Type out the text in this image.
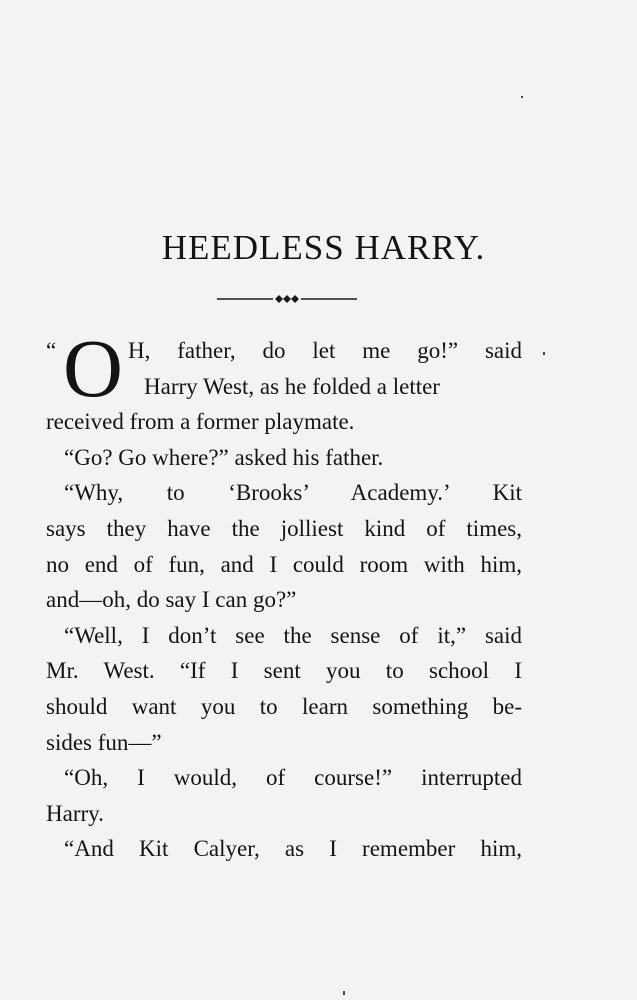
HEEDLESS HARRY.
“ O H, father, do let me go!” said
Harry West, as he folded a letter
received from a former playmate.
“Go? Go where?” asked his father.
“Why, to ‘Brooks’ Academy.’ Kit
says they have the jolliest kind of times,
no end of fun, and I could room with him,
and—oh, do say I can go?”
“Well, I don’t see the sense of it,” said
Mr. West. “If I sent you to school I
should want you to learn something be-
sides fun—”
“Oh, I would, of course!” interrupted
Harry.
“And Kit Calyer, as I remember him,
